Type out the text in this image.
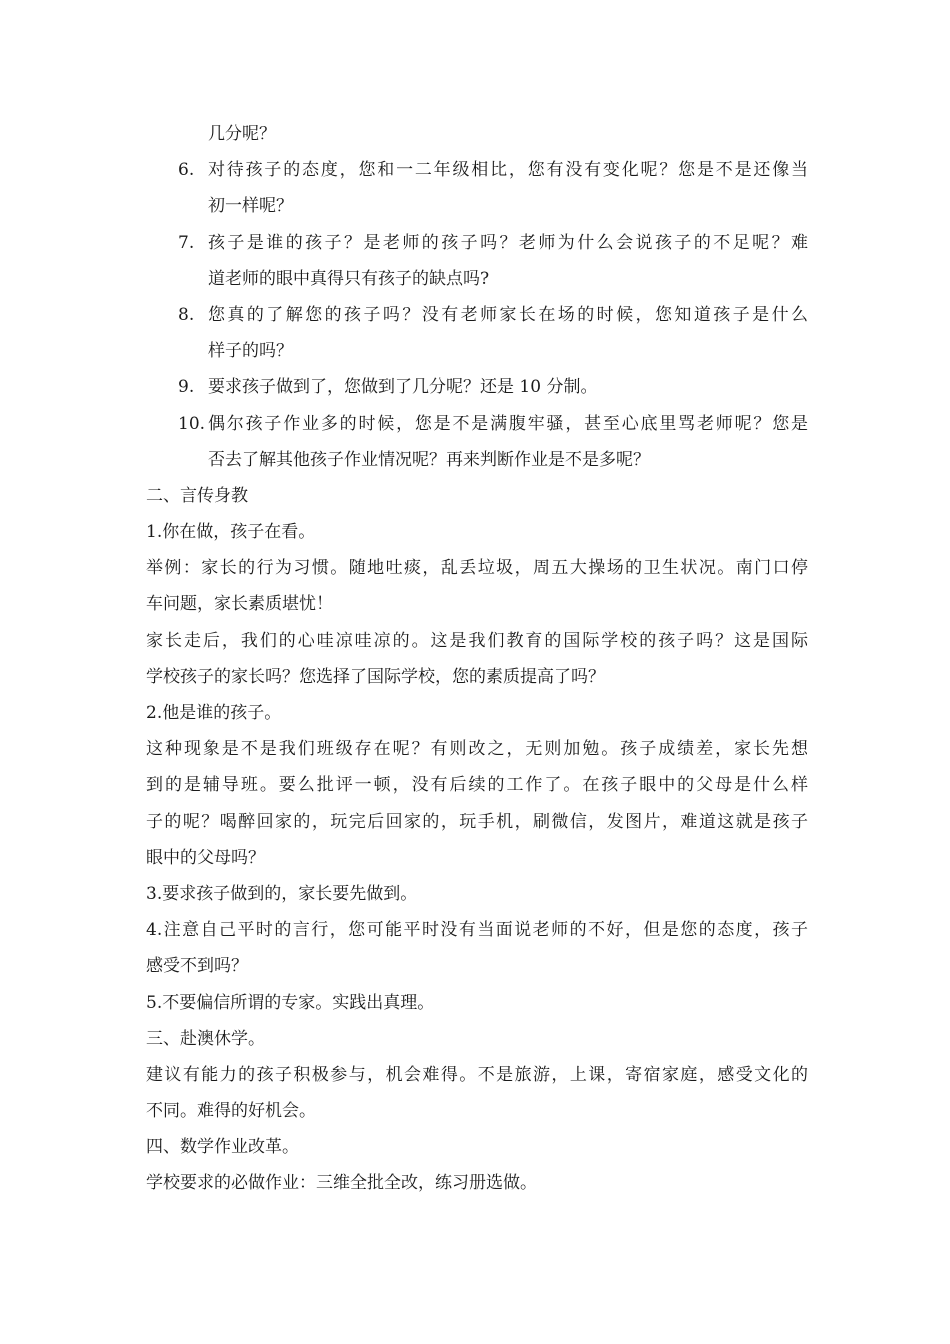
几分呢？
6. 对待孩子的态度，您和一二年级相比，您有没有变化呢？您是不是还像当
初一样呢？
7. 孩子是谁的孩子？是老师的孩子吗？老师为什么会说孩子的不足呢？难
道老师的眼中真得只有孩子的缺点吗?
8. 您真的了解您的孩子吗？没有老师家长在场的时候，您知道孩子是什么
样子的吗？
9. 要求孩子做到了，您做到了几分呢？还是 10 分制。
10. 偶尔孩子作业多的时候，您是不是满腹牢骚，甚至心底里骂老师呢？您是
否去了解其他孩子作业情况呢？再来判断作业是不是多呢？
二、言传身教
1.你在做，孩子在看。
举例：家长的行为习惯。随地吐痰，乱丢垃圾，周五大操场的卫生状况。南门口停
车问题，家长素质堪忧！
家长走后，我们的心哇凉哇凉的。这是我们教育的国际学校的孩子吗？这是国际
学校孩子的家长吗？您选择了国际学校，您的素质提高了吗？
2.他是谁的孩子。
这种现象是不是我们班级存在呢？有则改之，无则加勉。孩子成绩差，家长先想
到的是辅导班。要么批评一顿，没有后续的工作了。在孩子眼中的父母是什么样
子的呢？喝醉回家的，玩完后回家的，玩手机，刷微信，发图片，难道这就是孩子
眼中的父母吗？
3.要求孩子做到的，家长要先做到。
4.注意自己平时的言行，您可能平时没有当面说老师的不好，但是您的态度，孩子
感受不到吗？
5.不要偏信所谓的专家。实践出真理。
三、赴澳休学。
建议有能力的孩子积极参与，机会难得。不是旅游，上课，寄宿家庭，感受文化的
不同。难得的好机会。
四、数学作业改革。
学校要求的必做作业：三维全批全改，练习册选做。
